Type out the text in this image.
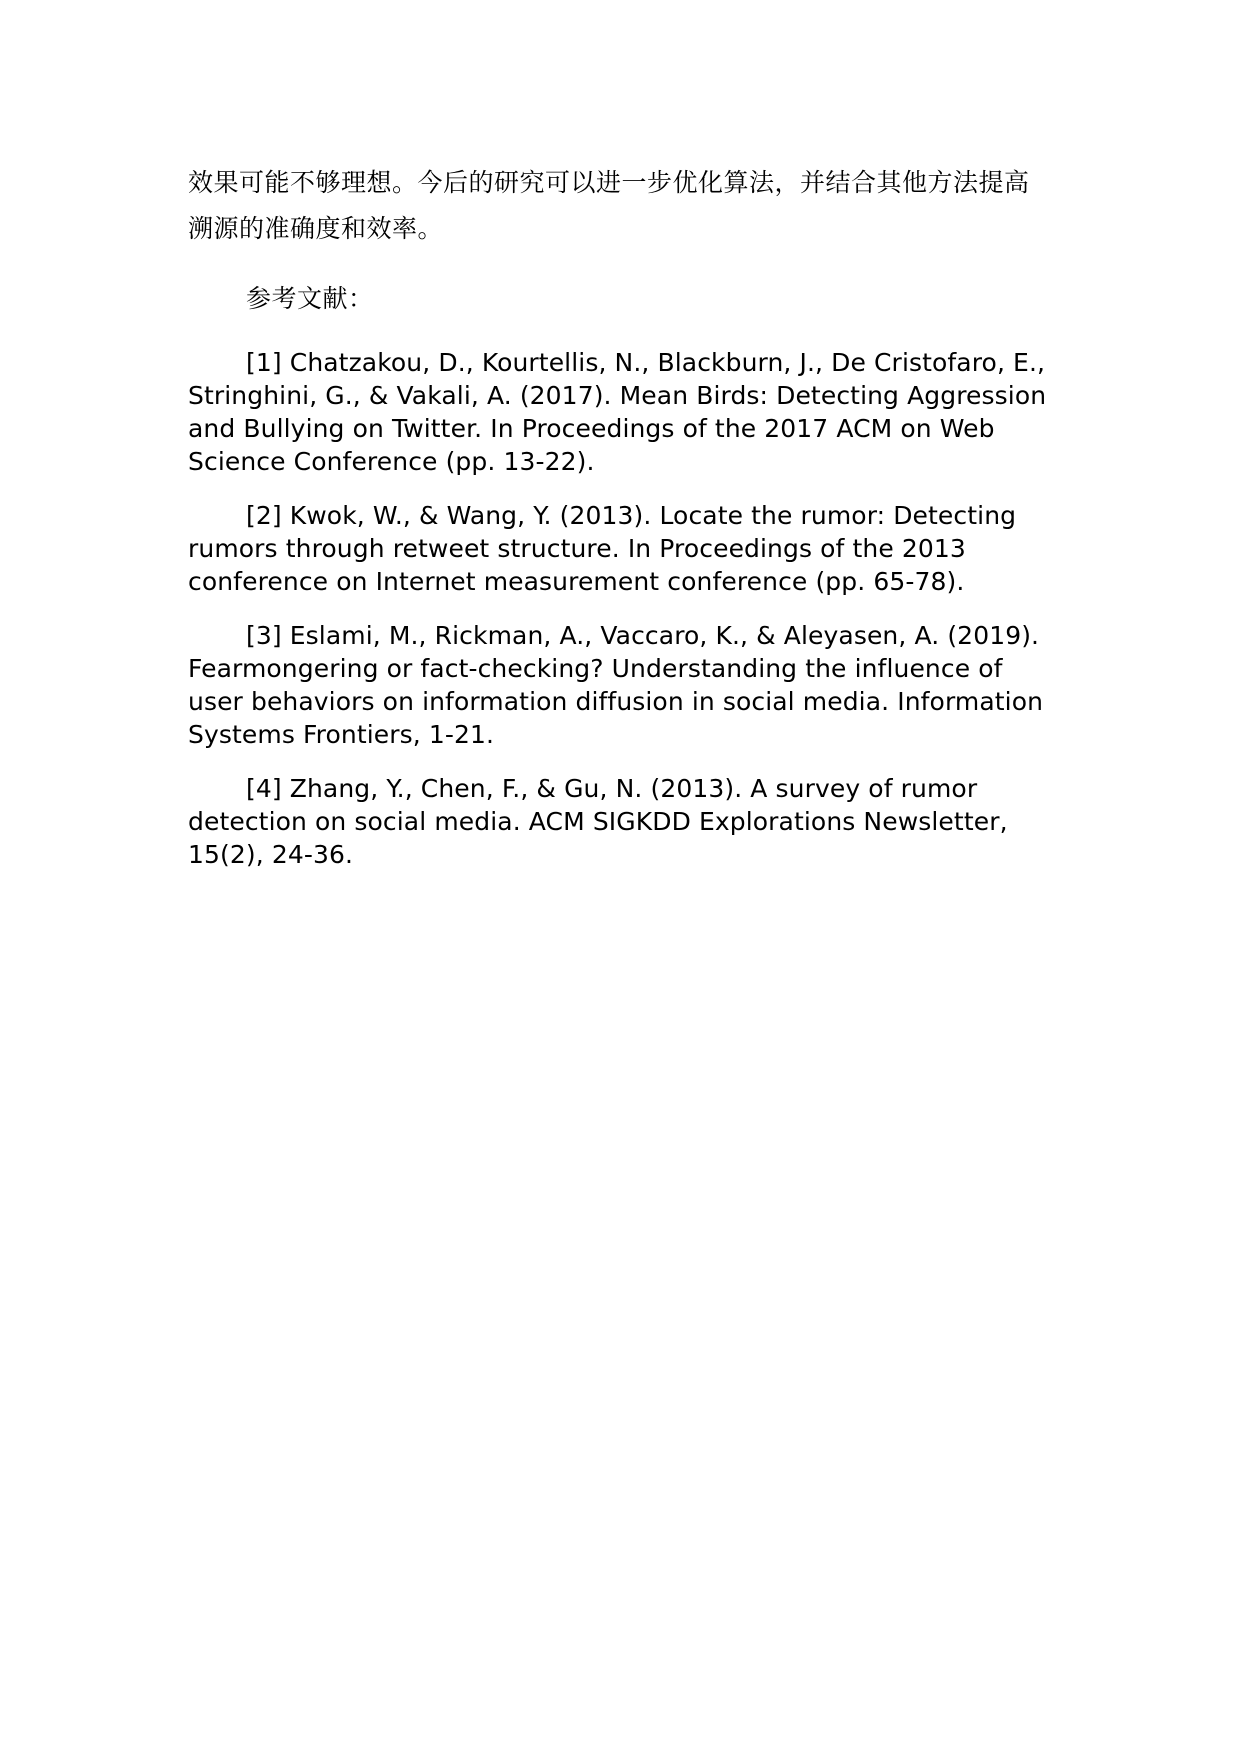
效果可能不够理想。今后的研究可以进一步优化算法，并结合其他方法提高溯源的准确度和效率。

参考文献：

[1] Chatzakou, D., Kourtellis, N., Blackburn, J., De Cristofaro, E., Stringhini, G., & Vakali, A. (2017). Mean Birds: Detecting Aggression and Bullying on Twitter. In Proceedings of the 2017 ACM on Web Science Conference (pp. 13-22).

[2] Kwok, W., & Wang, Y. (2013). Locate the rumor: Detecting rumors through retweet structure. In Proceedings of the 2013 conference on Internet measurement conference (pp. 65-78).

[3] Eslami, M., Rickman, A., Vaccaro, K., & Aleyasen, A. (2019). Fearmongering or fact-checking? Understanding the influence of user behaviors on information diffusion in social media. Information Systems Frontiers, 1-21.

[4] Zhang, Y., Chen, F., & Gu, N. (2013). A survey of rumor detection on social media. ACM SIGKDD Explorations Newsletter, 15(2), 24-36.
